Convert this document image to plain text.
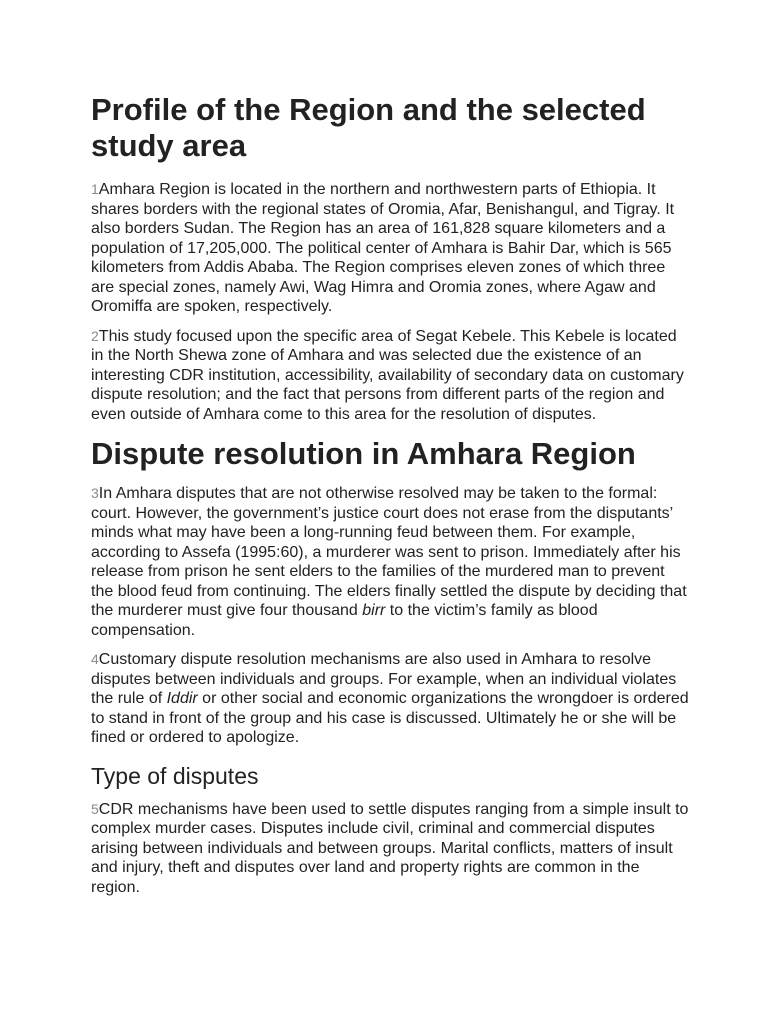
Profile of the Region and the selected study area

1Amhara Region is located in the northern and northwestern parts of Ethiopia. It shares borders with the regional states of Oromia, Afar, Benishangul, and Tigray. It also borders Sudan. The Region has an area of 161,828 square kilometers and a population of 17,205,000. The political center of Amhara is Bahir Dar, which is 565 kilometers from Addis Ababa. The Region comprises eleven zones of which three are special zones, namely Awi, Wag Himra and Oromia zones, where Agaw and Oromiffa are spoken, respectively.

2This study focused upon the specific area of Segat Kebele. This Kebele is located in the North Shewa zone of Amhara and was selected due the existence of an interesting CDR institution, accessibility, availability of secondary data on customary dispute resolution; and the fact that persons from different parts of the region and even outside of Amhara come to this area for the resolution of disputes.

Dispute resolution in Amhara Region

3In Amhara disputes that are not otherwise resolved may be taken to the formal: court. However, the government’s justice court does not erase from the disputants’ minds what may have been a long-running feud between them. For example, according to Assefa (1995:60), a murderer was sent to prison. Immediately after his release from prison he sent elders to the families of the murdered man to prevent the blood feud from continuing. The elders finally settled the dispute by deciding that the murderer must give four thousand birr to the victim’s family as blood compensation.

4Customary dispute resolution mechanisms are also used in Amhara to resolve disputes between individuals and groups. For example, when an individual violates the rule of Iddir or other social and economic organizations the wrongdoer is ordered to stand in front of the group and his case is discussed. Ultimately he or she will be fined or ordered to apologize.

Type of disputes

5CDR mechanisms have been used to settle disputes ranging from a simple insult to complex murder cases. Disputes include civil, criminal and commercial disputes arising between individuals and between groups. Marital conflicts, matters of insult and injury, theft and disputes over land and property rights are common in the region.
